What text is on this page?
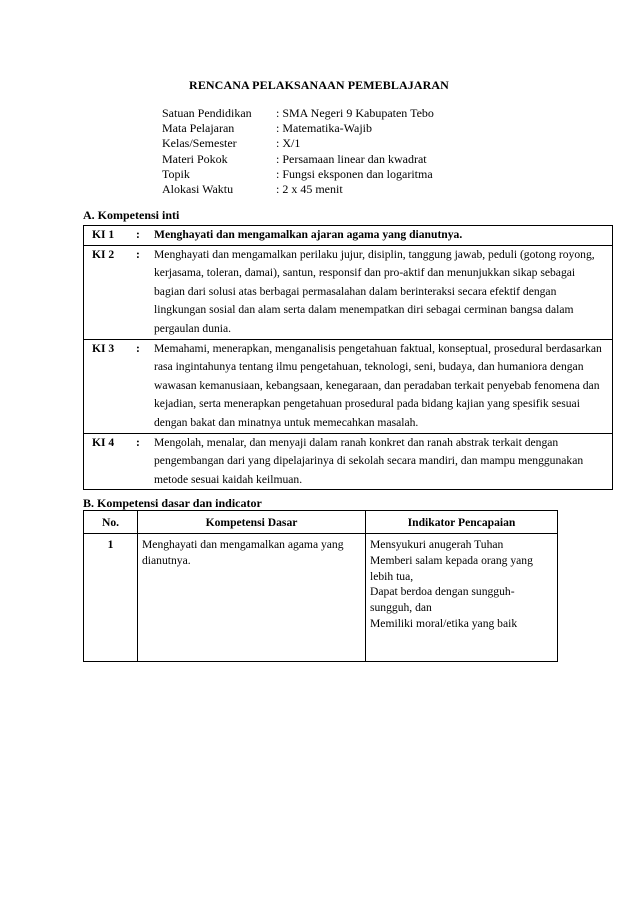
RENCANA PELAKSANAAN PEMEBLAJARAN
Satuan Pendidikan	: SMA Negeri 9 Kabupaten Tebo
Mata Pelajaran	: Matematika-Wajib
Kelas/Semester	: X/1
Materi Pokok	: Persamaan linear dan kwadrat
Topik	: Fungsi eksponen dan logaritma
Alokasi Waktu	: 2 x 45 menit
A. Kompetensi inti
KI 1	:	Menghayati dan mengamalkan ajaran agama yang dianutnya.
KI 2	:	Menghayati dan mengamalkan perilaku jujur, disiplin, tanggung jawab, peduli (gotong royong, kerjasama, toleran, damai), santun, responsif dan pro-aktif dan menunjukkan sikap sebagai bagian dari solusi atas berbagai permasalahan dalam berinteraksi secara efektif dengan lingkungan sosial dan alam serta dalam menempatkan diri sebagai cerminan bangsa dalam pergaulan dunia.
KI 3	:	Memahami, menerapkan, menganalisis pengetahuan faktual, konseptual, prosedural berdasarkan rasa ingintahunya tentang ilmu pengetahuan, teknologi, seni, budaya, dan humaniora dengan wawasan kemanusiaan, kebangsaan, kenegaraan, dan peradaban terkait penyebab fenomena dan kejadian, serta menerapkan pengetahuan prosedural pada bidang kajian yang spesifik sesuai dengan bakat dan minatnya untuk memecahkan masalah.
KI 4	:	Mengolah, menalar, dan menyaji dalam ranah konkret dan ranah abstrak terkait dengan pengembangan dari yang dipelajarinya di sekolah secara mandiri, dan mampu menggunakan metode sesuai kaidah keilmuan.
B. Kompetensi dasar dan indicator
No.	Kompetensi Dasar	Indikator Pencapaian
1	Menghayati dan mengamalkan agama yang dianutnya.	Mensyukuri anugerah Tuhan
Memberi salam kepada orang yang lebih tua,
Dapat berdoa dengan sungguh-sungguh, dan
Memiliki moral/etika yang baik
